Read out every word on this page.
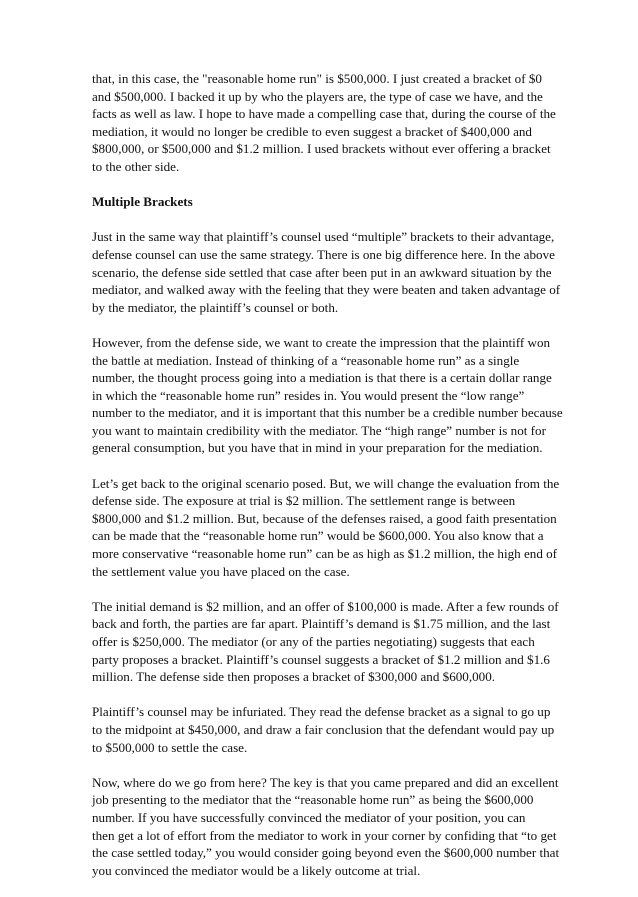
that, in this case, the "reasonable home run" is $500,000. I just created a bracket of $0
and $500,000. I backed it up by who the players are, the type of case we have, and the
facts as well as law. I hope to have made a compelling case that, during the course of the
mediation, it would no longer be credible to even suggest a bracket of $400,000 and
$800,000, or $500,000 and $1.2 million. I used brackets without ever offering a bracket
to the other side.

Multiple Brackets

Just in the same way that plaintiff’s counsel used “multiple” brackets to their advantage,
defense counsel can use the same strategy. There is one big difference here. In the above
scenario, the defense side settled that case after been put in an awkward situation by the
mediator, and walked away with the feeling that they were beaten and taken advantage of
by the mediator, the plaintiff’s counsel or both.

However, from the defense side, we want to create the impression that the plaintiff won
the battle at mediation. Instead of thinking of a “reasonable home run” as a single
number, the thought process going into a mediation is that there is a certain dollar range
in which the “reasonable home run” resides in. You would present the “low range”
number to the mediator, and it is important that this number be a credible number because
you want to maintain credibility with the mediator. The “high range” number is not for
general consumption, but you have that in mind in your preparation for the mediation.

Let’s get back to the original scenario posed. But, we will change the evaluation from the
defense side. The exposure at trial is $2 million. The settlement range is between
$800,000 and $1.2 million. But, because of the defenses raised, a good faith presentation
can be made that the “reasonable home run” would be $600,000. You also know that a
more conservative “reasonable home run” can be as high as $1.2 million, the high end of
the settlement value you have placed on the case.

The initial demand is $2 million, and an offer of $100,000 is made. After a few rounds of
back and forth, the parties are far apart. Plaintiff’s demand is $1.75 million, and the last
offer is $250,000. The mediator (or any of the parties negotiating) suggests that each
party proposes a bracket. Plaintiff’s counsel suggests a bracket of $1.2 million and $1.6
million. The defense side then proposes a bracket of $300,000 and $600,000.

Plaintiff’s counsel may be infuriated. They read the defense bracket as a signal to go up
to the midpoint at $450,000, and draw a fair conclusion that the defendant would pay up
to $500,000 to settle the case.

Now, where do we go from here? The key is that you came prepared and did an excellent
job presenting to the mediator that the “reasonable home run” as being the $600,000
number. If you have successfully convinced the mediator of your position, you can
then get a lot of effort from the mediator to work in your corner by confiding that “to get
the case settled today,” you would consider going beyond even the $600,000 number that
you convinced the mediator would be a likely outcome at trial.
